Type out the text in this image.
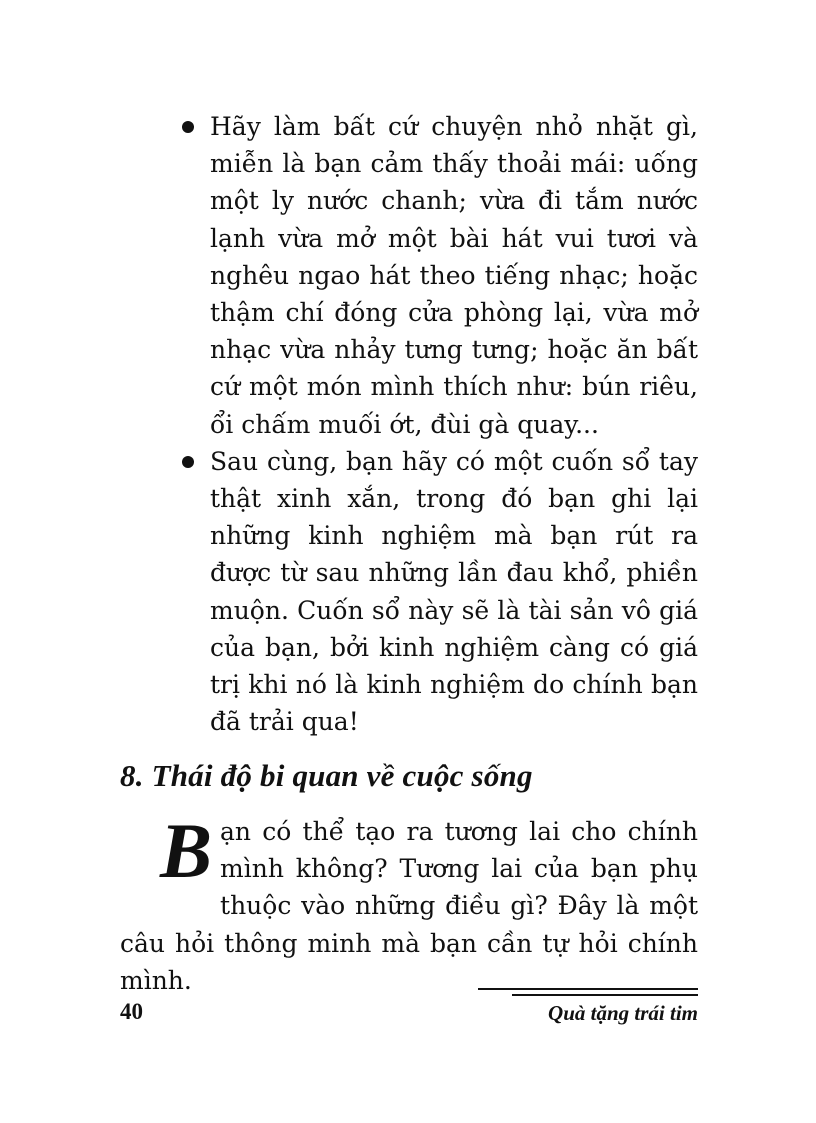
Hãy làm bất cứ chuyện nhỏ nhặt gì, miễn là bạn cảm thấy thoải mái: uống một ly nước chanh; vừa đi tắm nước lạnh vừa mở một bài hát vui tươi và nghêu ngao hát theo tiếng nhạc; hoặc thậm chí đóng cửa phòng lại, vừa mở nhạc vừa nhảy tưng tưng; hoặc ăn bất cứ một món mình thích như: bún riêu, ổi chấm muối ớt, đùi gà quay...
Sau cùng, bạn hãy có một cuốn sổ tay thật xinh xắn, trong đó bạn ghi lại những kinh nghiệm mà bạn rút ra được từ sau những lần đau khổ, phiền muộn. Cuốn sổ này sẽ là tài sản vô giá của bạn, bởi kinh nghiệm càng có giá trị khi nó là kinh nghiệm do chính bạn đã trải qua!
8. Thái độ bi quan về cuộc sống

Bạn có thể tạo ra tương lai cho chính mình không? Tương lai của bạn phụ thuộc vào những điều gì? Đây là một câu hỏi thông minh mà bạn cần tự hỏi chính mình.

40	Quà tặng trái tim
